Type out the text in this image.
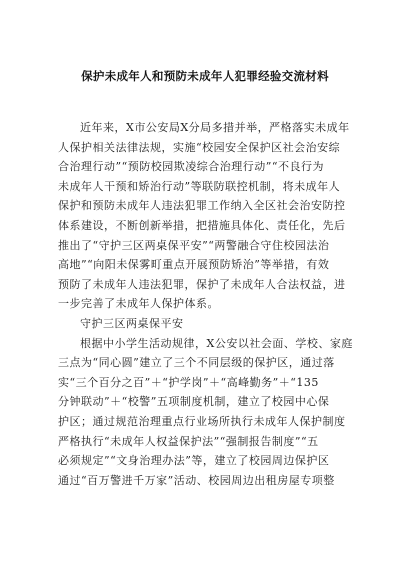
保护未成年人和预防未成年人犯罪经验交流材料
近年来，X市公安局X分局多措并举，严格落实未成年
人保护相关法律法规，实施“校园安全保护区社会治安综
合治理行动”“预防校园欺凌综合治理行动”“不良行为
未成年人干预和矫治行动”等联防联控机制，将未成年人
保护和预防未成年人违法犯罪工作纳入全区社会治安防控
体系建设，不断创新举措，把措施具体化、责任化，先后
推出了“守护三区两桌保平安”“两警融合守住校园法治
高地”“向阳未保雾町重点开展预防矫治”等举措，有效
预防了未成年人违法犯罪，保护了未成年人合法权益，进
一步完善了未成年人保护体系。
守护三区两桌保平安
根据中小学生活动规律，X公安以社会面、学校、家庭
三点为“同心圆”建立了三个不同层级的保护区，通过落
实“三个百分之百”＋“护学岗”＋“高峰勤务”＋“135
分钟联动”＋“校警”五项制度机制，建立了校园中心保
护区；通过规范治理重点行业场所执行未成年人保护制度
严格执行“未成年人权益保护法”“强制报告制度”“五
必须规定”“文身治理办法”等，建立了校园周边保护区
通过“百万警进千万家”活动、校园周边出租房屋专项整
